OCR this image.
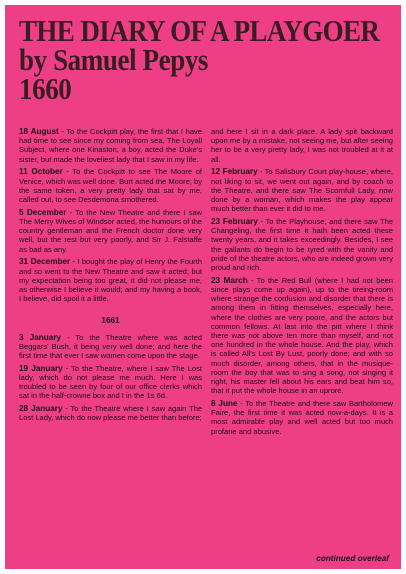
THE DIARY OF A PLAYGOER
by Samuel Pepys
1660

18 August - To the Cockpitt play, the first that I have had time to see since my coming from sea, The Loyall Subject, where one Kinaston, a boy, acted the Duke's sister, but made the loveliest lady that I saw in my life.

11 October - To the Cockpitt to see The Moore of Venice, which was well done. Burt acted the Moore; by the same token, a very pretty lady that sat by me, called out, to see Desdemona smothered.

5 December - To the New Theatre and there I saw The Merry Wives of Windsor acted, the humours of the country gentleman and the French doctor done very well, but the rest but very poorly, and Sir J. Falstaffe as bad as any.

31 December - I bought the play of Henry the Fourth and so went to the New Theatre and saw it acted; but my expectation being too great, it did not please me, as otherwise I believe it would; and my having a book, I believe, did spoil it a little.

1661

3 January - To the Theatre where was acted Beggars' Bush, it being very well done; and here the first time that ever I saw women come upon the stage.

19 January - To the Theatre, where I saw The Lost lady, which do not please me much. Here I was troubled to be seen by four of our office clerks which sat in the half-crowne box and I in the 1s 6d.

28 January - To the Theatre where I saw again The Lost Lady, which do now please me better than before;

and here I sit in a dark place. A lady spit backward upon me by a mistake, not seeing me, but after seeing her to be a very pretty lady, I was not troubled at it at all.

12 February - To Salisbury Court play-house, where, not liking to sit, we went out again, and by coach to the Theatre, and there saw The Scornfull Lady, now done by a woman, which makes the play appear much better than ever it did to me.

23 February - To the Playhouse, and there saw The Changeling, the first time it hath been acted these twenty years, and it takes exceedingly. Besides, I see the gallants do begin to be tyred with the vanity and pride of the theatre actors, who are indeed grown very proud and rich.

23 March - To the Red Bull (where I had not been since plays come up again), up to the tireing-room where strange the confusion and disorder that there is among them in fitting themselves, especially here, where the clothes are very poore, and the actors but common fellows. At last into the pitt where I think there was not above ten more than myself, and not one hundred in the whole house. And the play, which is called All's Lost By Lust, poorly done; and with so much disorder, among others, that in the musique-room the boy that was to sing a song, not singing it right, his master fell about his ears and beat him so, that it put the whole house in an uprore.

8 June - To the Theatre and there saw Bartholomew Faire, the first time it was acted now-a-days. It is a most admirable play and well acted but too much profane and abusive.

continued overleaf
